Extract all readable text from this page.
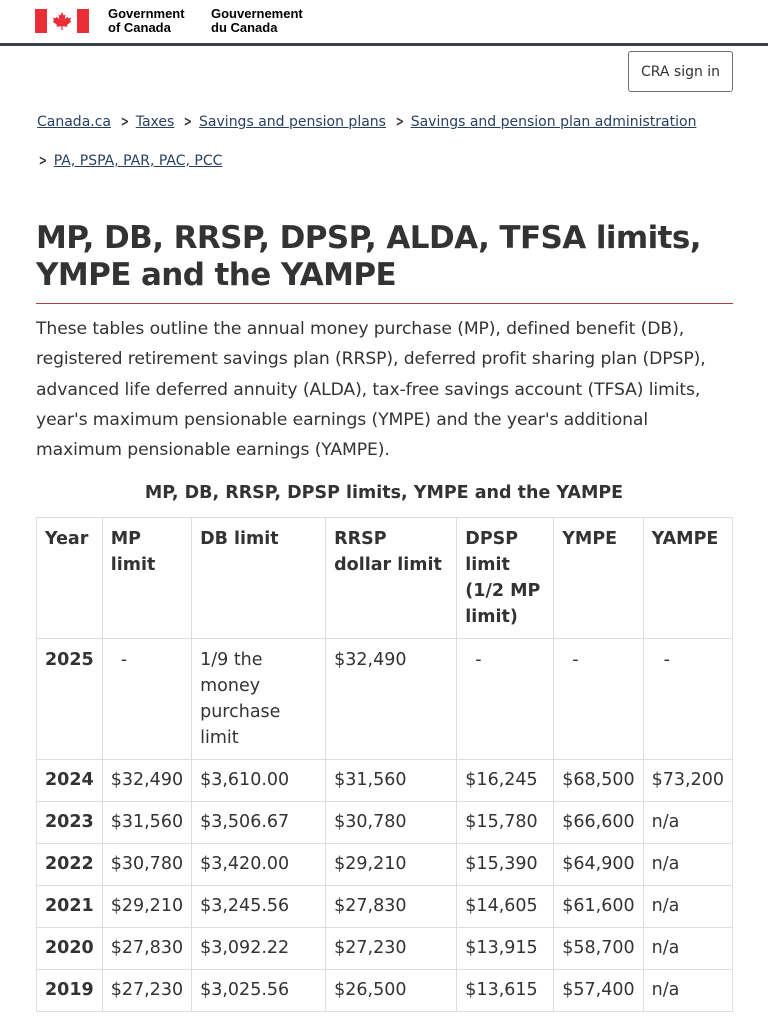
Government
of Canada
Gouvernement
du Canada
CRA sign in
Canada.ca > Taxes > Savings and pension plans > Savings and pension plan administration
> PA, PSPA, PAR, PAC, PCC
MP, DB, RRSP, DPSP, ALDA, TFSA limits,
YMPE and the YAMPE

These tables outline the annual money purchase (MP), defined benefit (DB), registered retirement savings plan (RRSP), deferred profit sharing plan (DPSP), advanced life deferred annuity (ALDA), tax-free savings account (TFSA) limits, year's maximum pensionable earnings (YMPE) and the year's additional maximum pensionable earnings (YAMPE).

MP, DB, RRSP, DPSP limits, YMPE and the YAMPE
Year	MP limit	DB limit	RRSP dollar limit	DPSP limit (1/2 MP limit)	YMPE	YAMPE
2025	-	1/9 the money purchase limit	$32,490	-	-	-
2024	$32,490	$3,610.00	$31,560	$16,245	$68,500	$73,200
2023	$31,560	$3,506.67	$30,780	$15,780	$66,600	n/a
2022	$30,780	$3,420.00	$29,210	$15,390	$64,900	n/a
2021	$29,210	$3,245.56	$27,830	$14,605	$61,600	n/a
2020	$27,830	$3,092.22	$27,230	$13,915	$58,700	n/a
2019	$27,230	$3,025.56	$26,500	$13,615	$57,400	n/a
